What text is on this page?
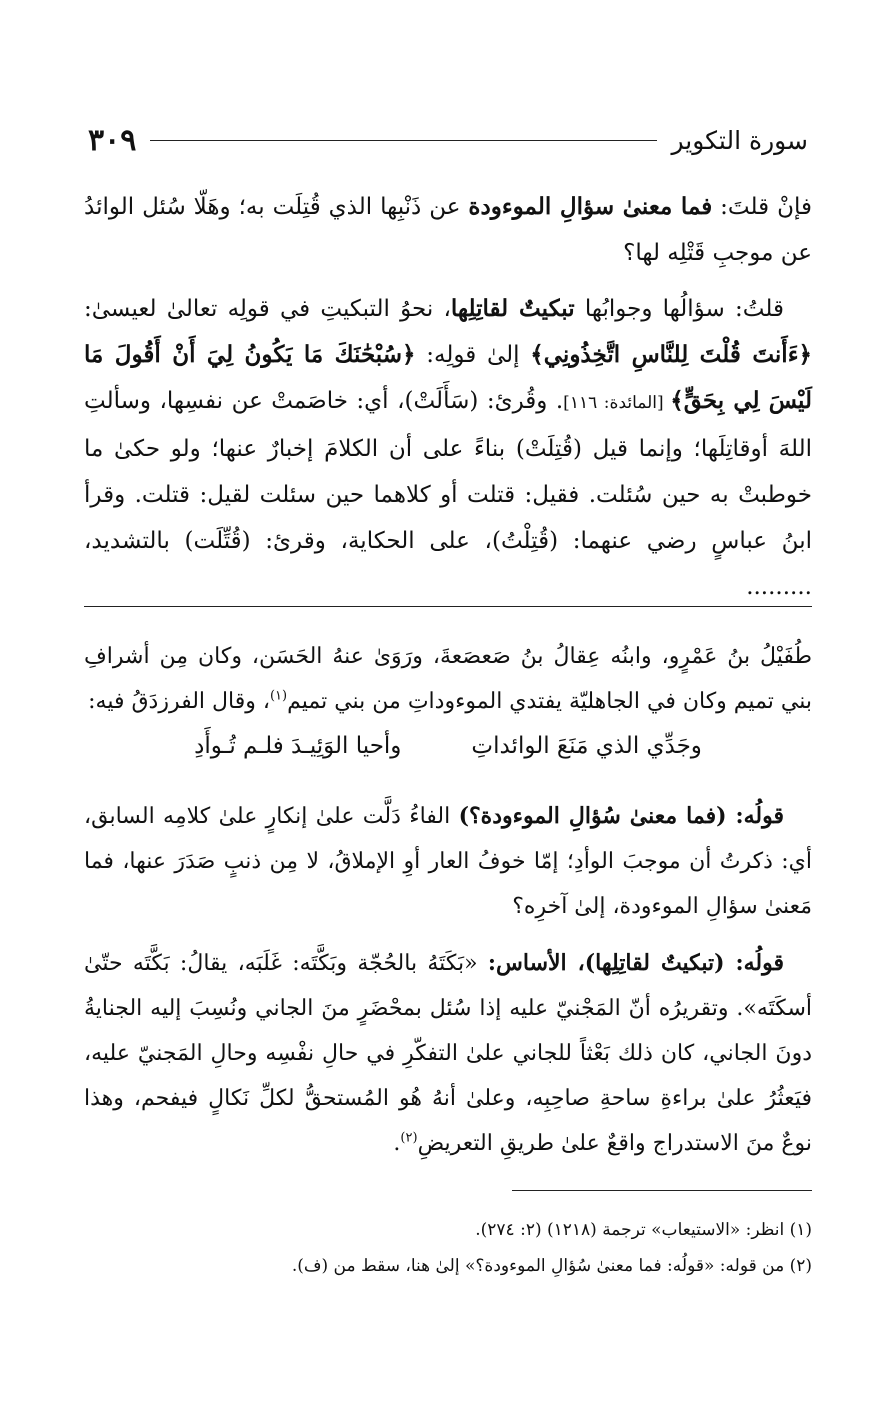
سورة التكوير
٣٠٩

فإنْ قلتَ: فما معنىٰ سؤالِ الموءودة عن ذَنْبِها الذي قُتِلَت به؛ وهَلّا سُئل الوائدُ عن موجبِ قَتْلِه لها؟

قلتُ: سؤالُها وجوابُها تبكيتٌ لقاتِلِها، نحوُ التبكيتِ في قولِه تعالىٰ لعيسىٰ: ﴿ءَأَنتَ قُلْتَ لِلنَّاسِ اتَّخِذُونِي﴾ إلىٰ قولِه: ﴿سُبْحَٰنَكَ مَا يَكُونُ لِيَ أَنْ أَقُولَ مَا لَيْسَ لِي بِحَقٍّ﴾ [المائدة: ١١٦]. وقُرئ: (سَأَلَتْ)، أي: خاصَمتْ عن نفسِها، وسألتِ اللهَ أوقاتِلَها؛ وإنما قيل (قُتِلَتْ) بناءً على أن الكلامَ إخبارٌ عنها؛ ولو حكىٰ ما خوطبتْ به حين سُئلت. فقيل: قتلت أو كلاهما حين سئلت لقيل: قتلت. وقرأ ابنُ عباسٍ رضي عنهما: (قُتِلْتُ)، على الحكاية، وقرئ: (قُتِّلَت) بالتشديد، .........

طُفَيْلُ بنُ عَمْرٍو، وابنُه عِقالُ بنُ صَعصَعةَ، ورَوَىٰ عنهُ الحَسَن، وكان مِن أشرافِ بني تميم وكان في الجاهليّة يفتدي الموءوداتِ من بني تميم$^{(١)}$، وقال الفرزدَقُ فيه:

وجَدِّي الذي مَنَعَ الوائداتِ
وأحيا الوَئِيـدَ فلـم تُـوأَدِ

قولُه: (فما معنىٰ سُؤالِ الموءودة؟) الفاءُ دَلَّت علىٰ إنكارٍ علىٰ كلامِه السابق، أي: ذكرتُ أن موجبَ الوأدِ؛ إمّا خوفُ العار أوِ الإملاقُ، لا مِن ذنبٍ صَدَرَ عنها، فما مَعنىٰ سؤالِ الموءودة، إلىٰ آخرِه؟

قولُه: (تبكيتٌ لقاتِلِها)، الأساس: «بَكَتَهُ بالحُجّة وبَكَّتَه: غَلَبَه، يقالُ: بَكَّتَه حتّىٰ أسكَتَه». وتقريرُه أنّ المَجْنيّ عليه إذا سُئل بمحْضَرٍ منَ الجاني ونُسِبَ إليه الجنايةُ دونَ الجاني، كان ذلك بَعْثاً للجاني علىٰ التفكّرِ في حالِ نفْسِه وحالِ المَجنيّ عليه، فيَعثُرُ علىٰ براءةِ ساحةِ صاحِبِه، وعلىٰ أنهُ هُو المُستحقُّ لكلِّ نَكالٍ فيفحم، وهذا نوعٌ منَ الاستدراج واقعٌ علىٰ طريقِ التعريضِ$^{(٢)}$.

(١) انظر: «الاستيعاب» ترجمة (١٢١٨) (٢: ٢٧٤).
(٢) من قوله: «قولُه: فما معنىٰ سُؤالِ الموءودة؟» إلىٰ هنا، سقط من (ف).
